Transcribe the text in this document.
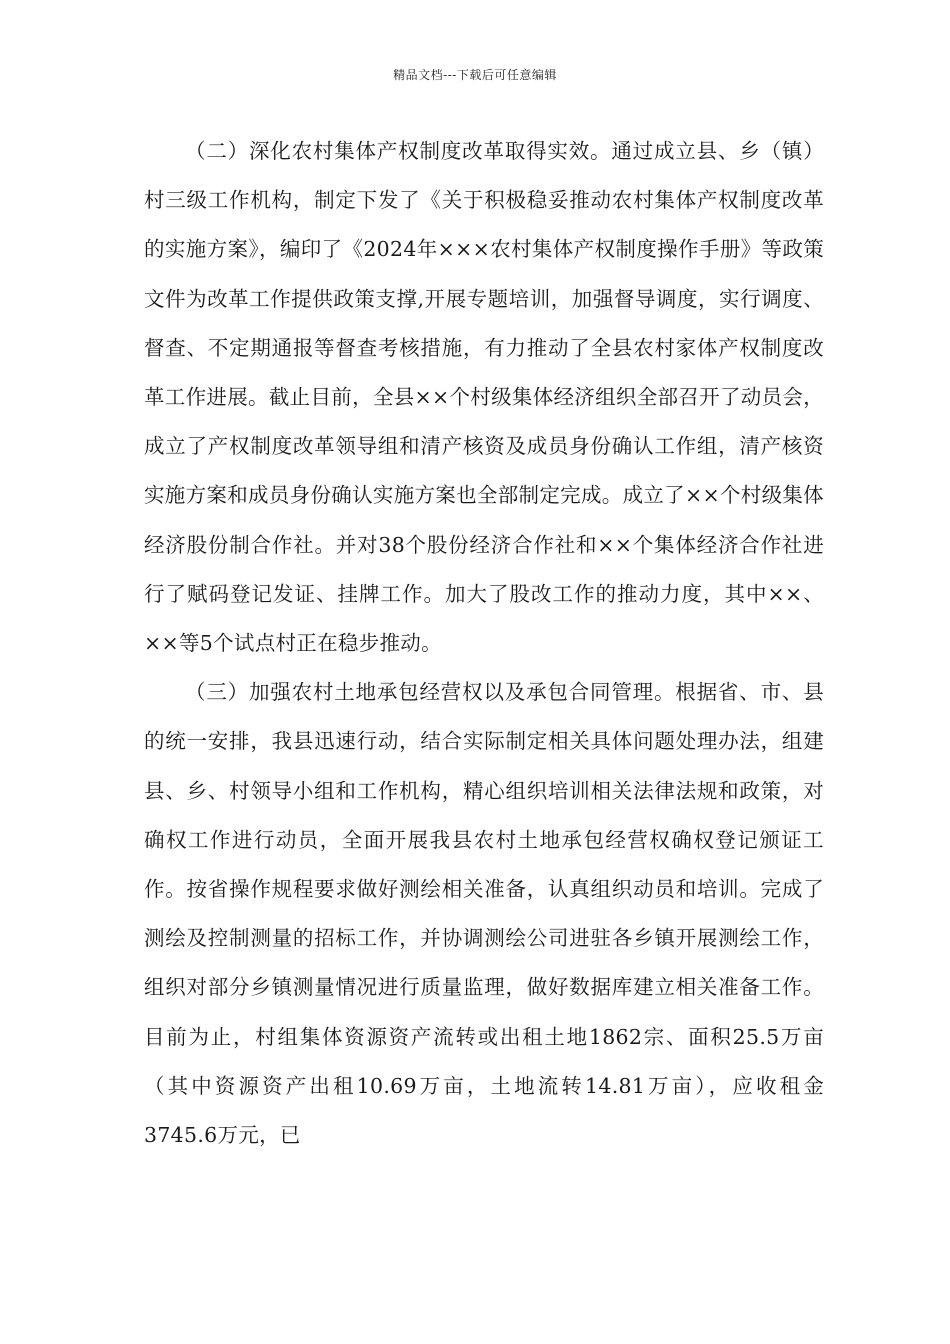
精品文档---下载后可任意编辑

（二）深化农村集体产权制度改革取得实效。通过成立县、乡（镇）村三级工作机构，制定下发了《关于积极稳妥推动农村集体产权制度改革的实施方案》，编印了《2024年×××农村集体产权制度操作手册》等政策文件为改革工作提供政策支撑,开展专题培训，加强督导调度，实行调度、督查、不定期通报等督查考核措施，有力推动了全县农村家体产权制度改革工作进展。截止目前，全县××个村级集体经济组织全部召开了动员会，成立了产权制度改革领导组和清产核资及成员身份确认工作组，清产核资实施方案和成员身份确认实施方案也全部制定完成。成立了××个村级集体经济股份制合作社。并对38个股份经济合作社和××个集体经济合作社进行了赋码登记发证、挂牌工作。加大了股改工作的推动力度，其中××、××等5个试点村正在稳步推动。

（三）加强农村土地承包经营权以及承包合同管理。根据省、市、县的统一安排，我县迅速行动，结合实际制定相关具体问题处理办法，组建县、乡、村领导小组和工作机构，精心组织培训相关法律法规和政策，对确权工作进行动员，全面开展我县农村土地承包经营权确权登记颁证工作。按省操作规程要求做好测绘相关准备，认真组织动员和培训。完成了测绘及控制测量的招标工作，并协调测绘公司进驻各乡镇开展测绘工作，组织对部分乡镇测量情况进行质量监理，做好数据库建立相关准备工作。目前为止，村组集体资源资产流转或出租土地1862宗、面积25.5万亩（其中资源资产出租10.69万亩，土地流转14.81万亩），应收租金3745.6万元，已
